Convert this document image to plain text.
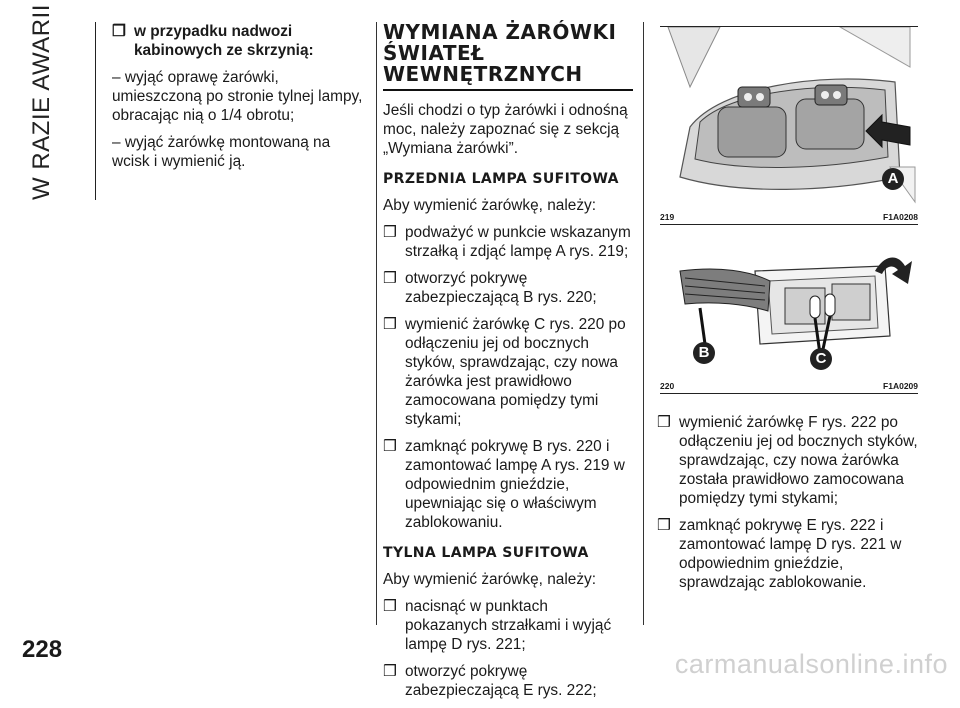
W RAZIE AWARII
228
❒ w przypadku nadwozi kabinowych ze skrzynią:

– wyjąć oprawę żarówki, umieszczoną po stronie tylnej lampy, obracając nią o 1/4 obrotu;

– wyjąć żarówkę montowaną na wcisk i wymienić ją.

WYMIANA ŻARÓWKI ŚWIATEŁ WEWNĘTRZNYCH

Jeśli chodzi o typ żarówki i odnośną moc, należy zapoznać się z sekcją „Wymiana żarówki”.

PRZEDNIA LAMPA SUFITOWA

Aby wymienić żarówkę, należy:

❒ podważyć w punkcie wskazanym strzałką i zdjąć lampę A rys. 219;
❒ otworzyć pokrywę zabezpieczającą B rys. 220;
❒ wymienić żarówkę C rys. 220 po odłączeniu jej od bocznych styków, sprawdzając, czy nowa żarówka jest prawidłowo zamocowana pomiędzy tymi stykami;
❒ zamknąć pokrywę B rys. 220 i zamontować lampę A rys. 219 w odpowiednim gnieździe, upewniając się o właściwym zablokowaniu.
TYLNA LAMPA SUFITOWA

Aby wymienić żarówkę, należy:

❒ nacisnąć w punktach pokazanych strzałkami i wyjąć lampę D rys. 221;
❒ otworzyć pokrywę zabezpieczającą E rys. 222;
A
219	F1A0208
B	C
220	F1A0209
❒ wymienić żarówkę F rys. 222 po odłączeniu jej od bocznych styków, sprawdzając, czy nowa żarówka została prawidłowo zamocowana pomiędzy tymi stykami;
❒ zamknąć pokrywę E rys. 222 i zamontować lampę D rys. 221 w odpowiednim gnieździe, sprawdzając zablokowanie.
carmanualsonline.info
